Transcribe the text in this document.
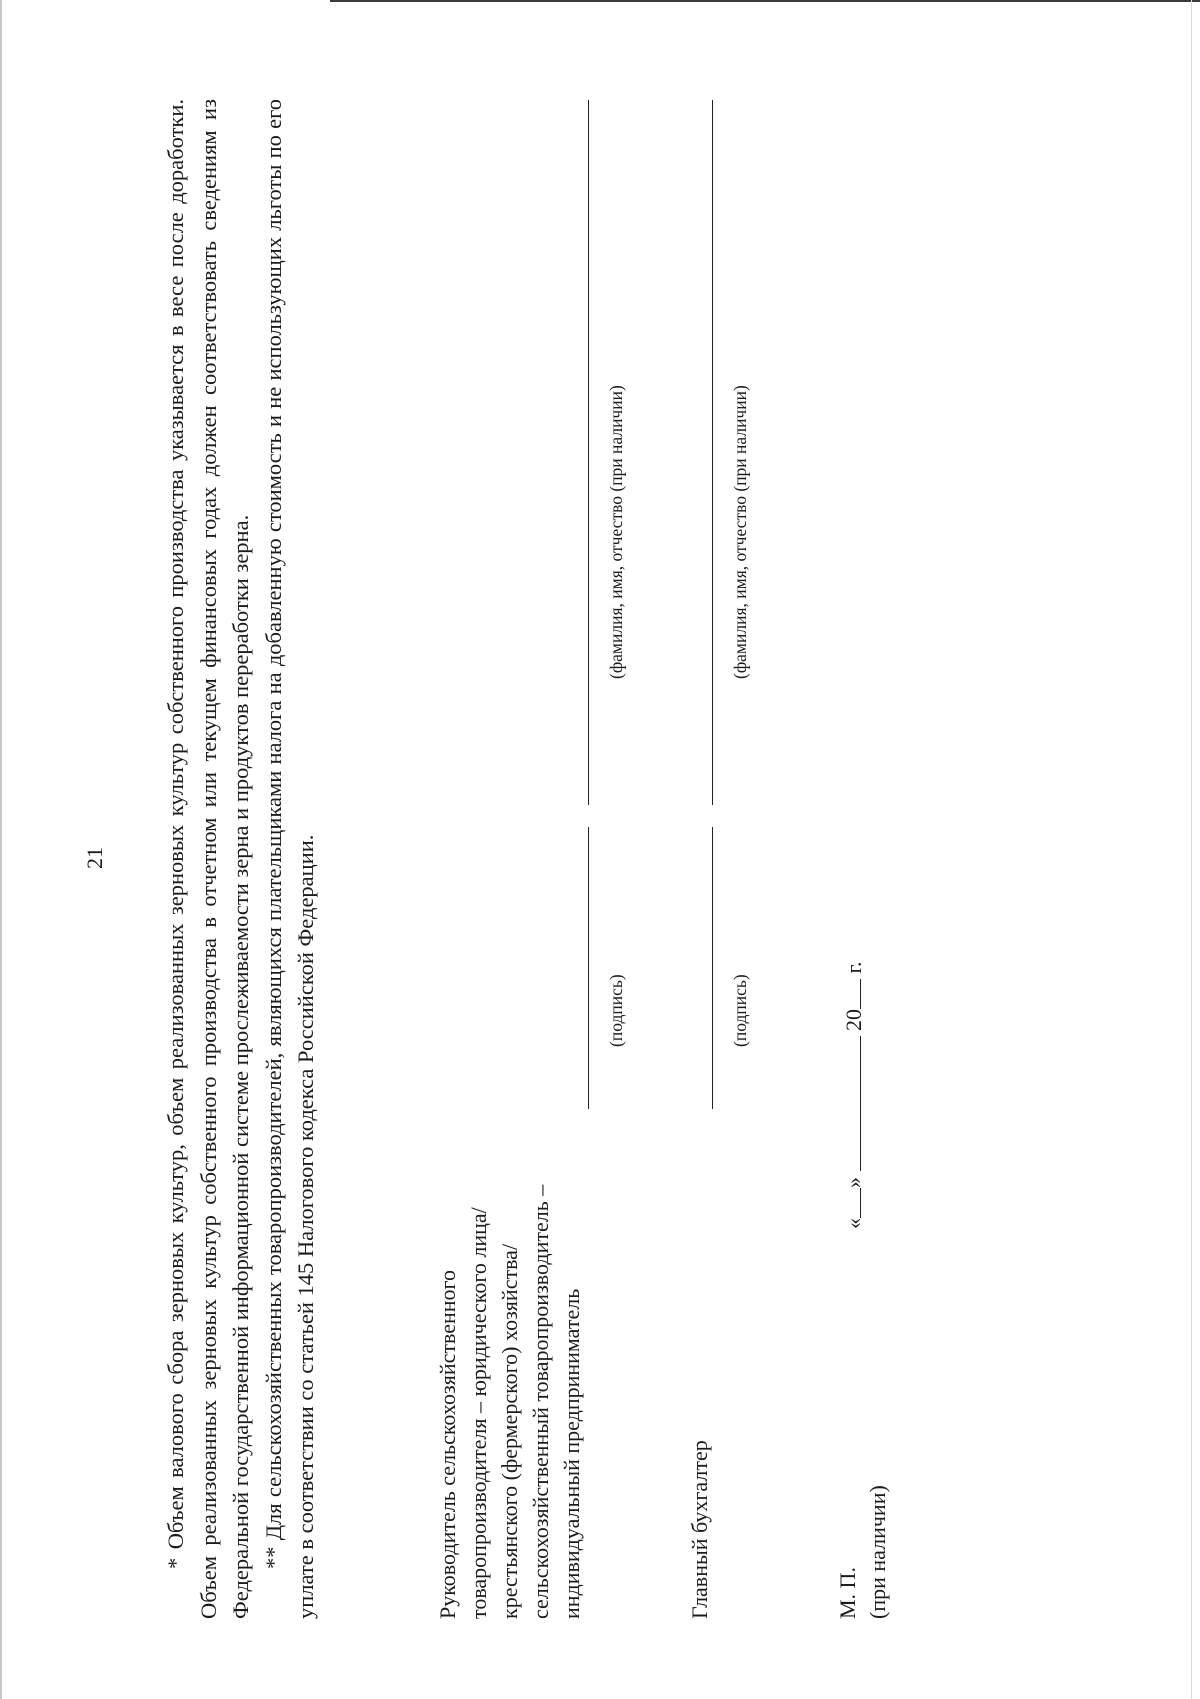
21 * Объем валового сбора зерновых культур, объем реализованных зерновых культур собственного производства указывается в весе после доработки. Объем реализованных зерновых культур собственного производства в отчетном или текущем финансовых годах должен соответствовать сведениям из Федеральной государственной информационной системе прослеживаемости зерна и продуктов переработки зерна. ** Для сельскохозяйственных товаропроизводителей, являющихся плательщиками налога на добавленную стоимость и не использующих льготы по его уплате в соответствии со статьей 145 Налогового кодекса Российской Федерации.	Руководитель сельскохозяйственного товаропроизводителя – юридического лица/ крестьянского (фермерского) хозяйства/ сельскохозяйственный товаропроизводитель – индивидуальный предприниматель
(подпись)
(фамилия, имя, отчество (при наличии)
Главный бухгалтер
(подпись)
(фамилия, имя, отчество (при наличии)
М. П. (при наличии)
«»  20 г.
